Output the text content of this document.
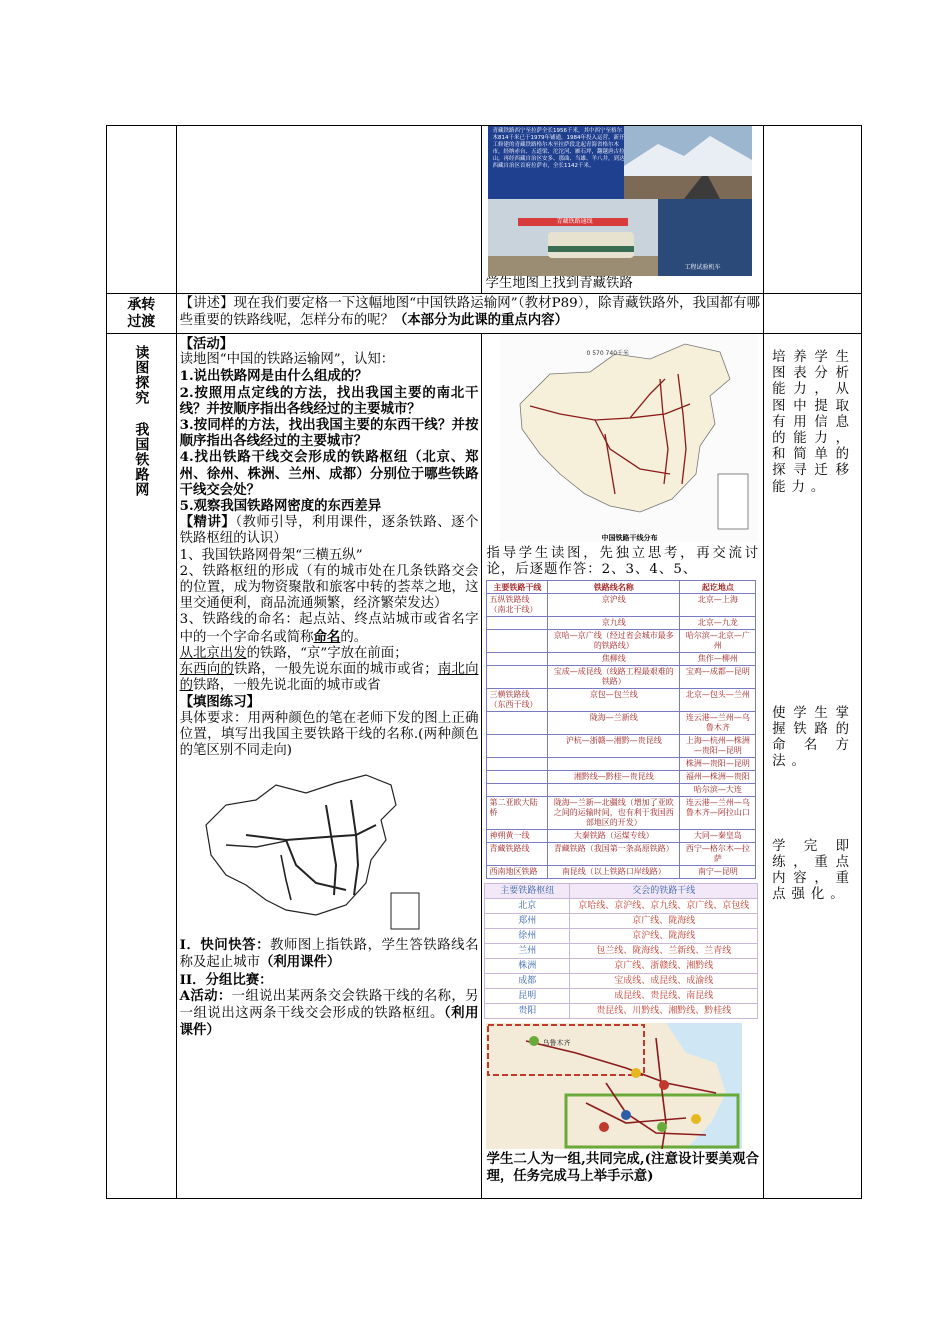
青藏铁路西宁至拉萨全长1956千米，其中西宁至格尔木814千米已于1979年铺通，1984年投入运营。新开工修建的青藏铁路格尔木至拉萨段北起青海省格尔木市，经纳赤台、五道梁、沱沱河、雁石坪，翻越唐古拉山，再经西藏自治区安多、那曲、当雄、羊八井，到达西藏自治区首府拉萨市，全长1142千米。
青藏铁路通线
工程试验机车
学生地图上找到青藏铁路

承转过渡
	【讲述】现在我们要定格一下这幅地图“中国铁路运输网”（教材P89），除青藏铁路外，我国都有哪些重要的铁路线呢，怎样分布的呢？（本部分为此课的重点内容）	

读图探究 我国铁路网

【活动】
读地图“中国的铁路运输网”，认知：
1.说出铁路网是由什么组成的？
2.按照用点定线的方法，找出我国主要的南北干线？并按顺序指出各线经过的主要城市？
3.按同样的方法，找出我国主要的东西干线？并按顺序指出各线经过的主要城市？
4.找出铁路干线交会形成的铁路枢纽（北京、郑州、徐州、株洲、兰州、成都）分别位于哪些铁路干线交会处？
5.观察我国铁路网密度的东西差异
【精讲】（教师引导，利用课件，逐条铁路、逐个铁路枢纽的认识）
1、我国铁路网骨架“三横五纵”
2、铁路枢纽的形成（有的城市处在几条铁路交会的位置，成为物资聚散和旅客中转的荟萃之地，这里交通便利，商品流通频繁，经济繁荣发达）
3、铁路线的命名：起点站、终点站城市或省名字中的一个字命名或简称命名的。
从北京出发的铁路，“京”字放在前面；
东西向的铁路，一般先说东面的城市或省；南北向的铁路，一般先说北面的城市或省
【填图练习】
具体要求：用两种颜色的笔在老师下发的图上正确位置，填写出我国主要铁路干线的名称.(两种颜色的笔区别不同走向)
I．快问快答：教师图上指铁路，学生答铁路线名称及起止城市（利用课件）
II．分组比赛：
A活动：一组说出某两条交会铁路干线的名称，另一组说出这两条干线交会形成的铁路枢纽。（利用课件）

0 570 740千米
中国铁路干线分布
指导学生读图，先独立思考，再交流讨论，后逐题作答：2、3、4、5、
主要铁路干线	铁路线名称	起讫地点
五纵铁路线（南北干线）	京沪线	北京—上海
	京九线	北京—九龙
	京哈—京广线（经过省会城市最多的铁路线）	哈尔滨—北京—广州
	焦柳线	焦作—柳州
	宝成—成昆线（线路工程最艰难的铁路）	宝鸡—成都—昆明
三横铁路线（东西干线）	京包—包兰线	北京—包头—兰州
	陇海—兰新线	连云港—兰州—乌鲁木齐
	沪杭—浙赣—湘黔—贵昆线	上海—杭州—株洲—贵阳—昆明
		株洲—贵阳—昆明
	湘黔线—黔桂—贵昆线	福州—株洲—贵阳
		哈尔滨—大连
第二亚欧大陆桥	陇海—兰新—北疆线（增加了亚欧之间的运输时间，也有利于我国西部地区的开发）	连云港—兰州—乌鲁木齐—阿拉山口
神朔黄一线	大秦铁路（运煤专线）	大同—秦皇岛
青藏铁路线	青藏铁路（我国第一条高原铁路）	西宁—格尔木—拉萨
西南地区铁路	南昆线（以上铁路口岸线路）	南宁—昆明
主要铁路枢纽	交会的铁路干线
北京	京哈线、京沪线、京九线、京广线、京包线
郑州	京广线、陇海线
徐州	京沪线、陇海线
兰州	包兰线、陇海线、兰新线、兰青线
株洲	京广线、浙赣线、湘黔线
成都	宝成线、成昆线、成渝线
昆明	成昆线、贵昆线、南昆线
贵阳	贵昆线、川黔线、湘黔线、黔桂线
乌鲁木齐
学生二人为一组,共同完成,(注意设计要美观合理，任务完成马上举手示意)

培养学生图表分析能力，从图中提取有用信息的能力，和简单的探寻迁移能力。
使学生掌握铁路的命名方法。
学完即练，重点内容，重点强化。
